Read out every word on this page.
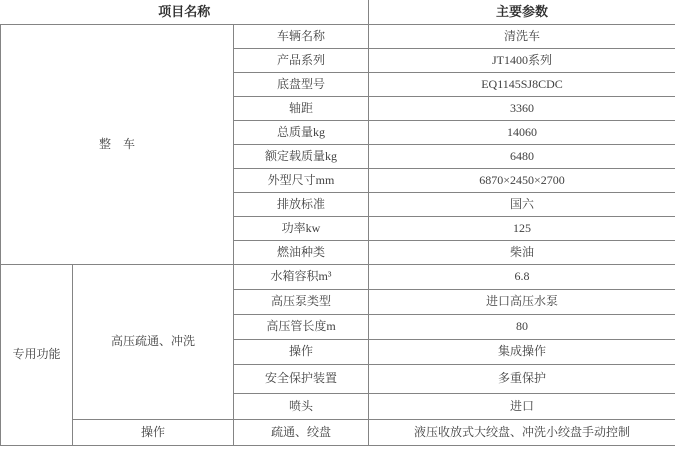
项目名称			主要参数
整　车		车辆名称	清洗车
		产品系列	JT1400系列
		底盘型号	EQ1145SJ8CDC
		轴距	3360
		总质量kg	14060
		额定载质量kg	6480
		外型尺寸mm	6870×2450×2700
		排放标准	国六
		功率kw	125
		燃油种类	柴油
专用功能	高压疏通、冲洗	水箱容积m³	6.8
		高压泵类型	进口高压水泵
		高压管长度m	80
		操作	集成操作
		安全保护装置	多重保护
		喷头	进口
	操作	疏通、绞盘	液压收放式大绞盘、冲洗小绞盘手动控制
